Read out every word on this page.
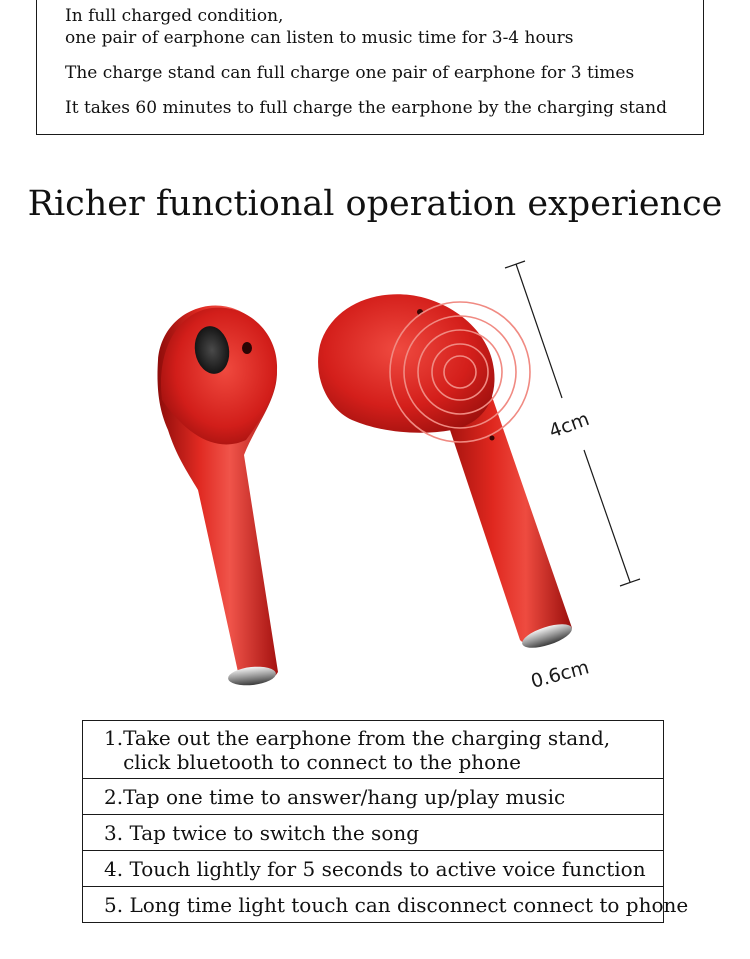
In full charged condition,
one pair of earphone can listen to music time for 3-4 hours
The charge stand can full charge one pair of earphone for 3 times
It takes 60 minutes to full charge the earphone by the charging stand
Richer functional operation experience
4cm
0.6cm
1.Take out the earphone from the charging stand,
click bluetooth to connect to the phone
2.Tap one time to answer/hang up/play music
3. Tap twice to switch the song
4. Touch lightly for 5 seconds to active voice function
5. Long time light touch can disconnect connect to phone
